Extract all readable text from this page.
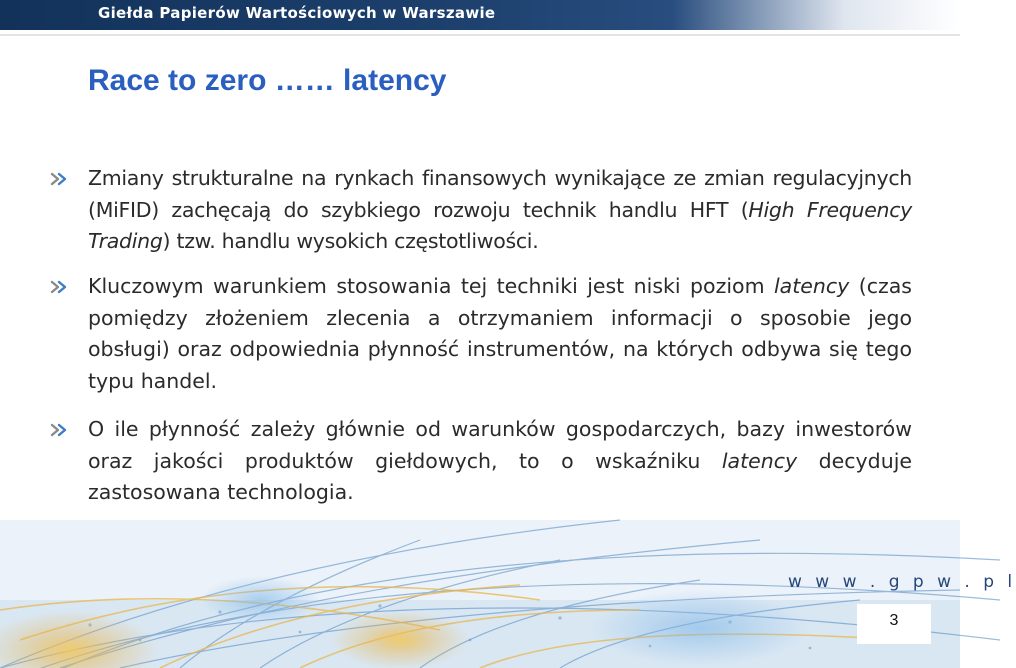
Giełda Papierów Wartościowych w Warszawie
Race to zero …… latency
Zmiany strukturalne na rynkach finansowych wynikające ze zmian regulacyjnych (MiFID) zachęcają do szybkiego rozwoju technik handlu HFT (High Frequency Trading) tzw. handlu wysokich częstotliwości.
Kluczowym warunkiem stosowania tej techniki jest niski poziom latency (czas pomiędzy złożeniem zlecenia a otrzymaniem informacji o sposobie jego obsługi) oraz odpowiednia płynność instrumentów, na których odbywa się tego typu handel.
O ile płynność zależy głównie od warunków gospodarczych, bazy inwestorów oraz jakości produktów giełdowych, to o wskaźniku latency decyduje zastosowana technologia.
w w w . g p w . p l
3
